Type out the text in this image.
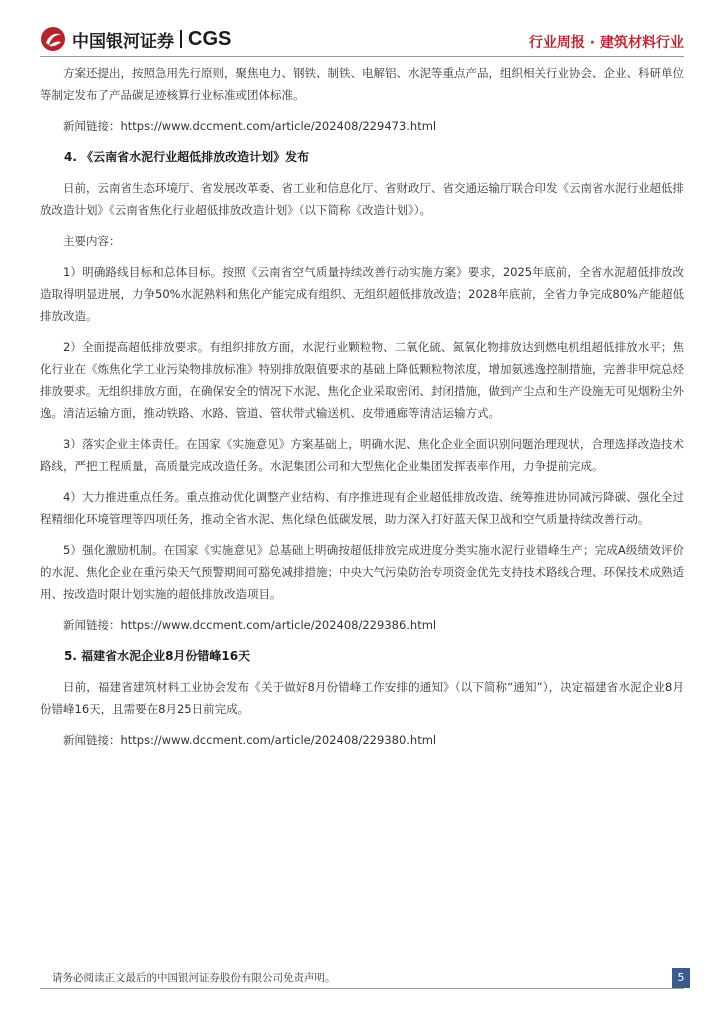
中国银河证券 CGS	行业周报 · 建筑材料行业

方案还提出，按照急用先行原则，聚焦电力、钢铁、制铁、电解铝、水泥等重点产品，组织相关行业协会、企业、科研单位等制定发布了产品碳足迹核算行业标准或团体标准。

新闻链接：https://www.dccment.com/article/202408/229473.html

4. 《云南省水泥行业超低排放改造计划》发布

日前，云南省生态环境厅、省发展改革委、省工业和信息化厅、省财政厅、省交通运输厅联合印发《云南省水泥行业超低排放改造计划》《云南省焦化行业超低排放改造计划》（以下简称《改造计划》）。

主要内容：

1）明确路线目标和总体目标。按照《云南省空气质量持续改善行动实施方案》要求，2025年底前，全省水泥超低排放改造取得明显进展，力争50%水泥熟料和焦化产能完成有组织、无组织超低排放改造；2028年底前，全省力争完成80%产能超低排放改造。

2）全面提高超低排放要求。有组织排放方面，水泥行业颗粒物、二氧化硫、氮氧化物排放达到燃电机组超低排放水平；焦化行业在《炼焦化学工业污染物排放标准》特别排放限值要求的基础上降低颗粒物浓度，增加氨逃逸控制措施，完善非甲烷总烃排放要求。无组织排放方面，在确保安全的情况下水泥、焦化企业采取密闭、封闭措施，做到产尘点和生产设施无可见烟粉尘外逸。清洁运输方面，推动铁路、水路、管道、管状带式输送机、皮带通廊等清洁运输方式。

3）落实企业主体责任。在国家《实施意见》方案基础上，明确水泥、焦化企业全面识别问题治理现状，合理选择改造技术路线，严把工程质量，高质量完成改造任务。水泥集团公司和大型焦化企业集团发挥表率作用，力争提前完成。

4）大力推进重点任务。重点推动优化调整产业结构、有序推进现有企业超低排放改造、统筹推进协同减污降碳、强化全过程精细化环境管理等四项任务，推动全省水泥、焦化绿色低碳发展，助力深入打好蓝天保卫战和空气质量持续改善行动。

5）强化激励机制。在国家《实施意见》总基础上明确按超低排放完成进度分类实施水泥行业错峰生产；完成A级绩效评价的水泥、焦化企业在重污染天气预警期间可豁免减排措施；中央大气污染防治专项资金优先支持技术路线合理、环保技术成熟适用、按改造时限计划实施的超低排放改造项目。

新闻链接：https://www.dccment.com/article/202408/229386.html

5. 福建省水泥企业8月份错峰16天

日前，福建省建筑材料工业协会发布《关于做好8月份错峰工作安排的通知》（以下简称“通知”），决定福建省水泥企业8月份错峰16天，且需要在8月25日前完成。

新闻链接：https://www.dccment.com/article/202408/229380.html

请务必阅读正文最后的中国银河证券股份有限公司免责声明。	5
